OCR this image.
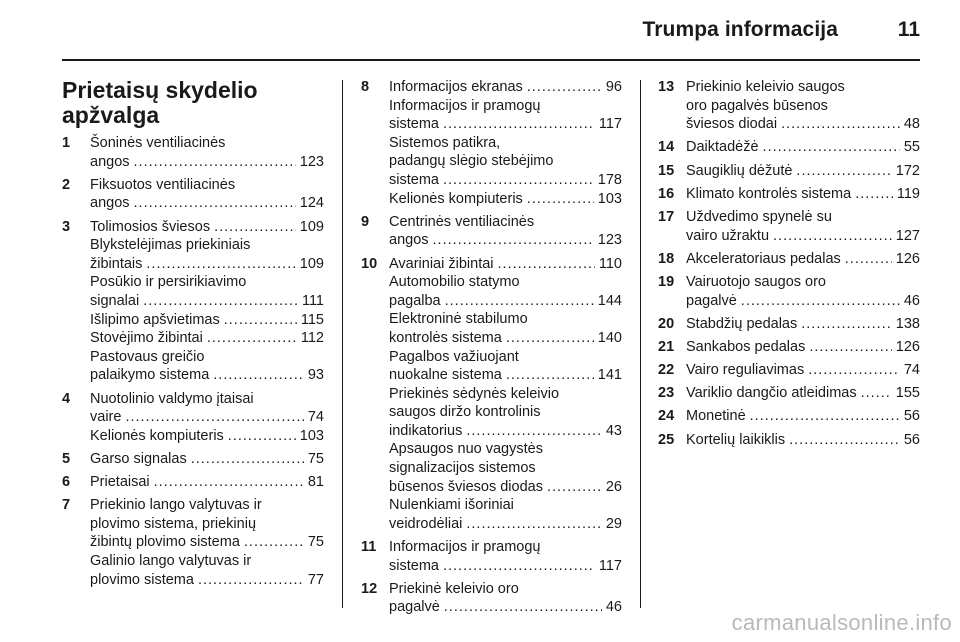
Trumpa informacija	11
Prietaisų skydelio
apžvalga
1 Šoninės ventiliacinės
angos .....	123
2 Fiksuotos ventiliacinės
angos .....	124
3 Tolimosios šviesos .....	109
Blykstelėjimas priekiniais
žibintais .....	109
Posūkio ir persirikiavimo
signalai .....	111
Išlipimo apšvietimas .....	115
Stovėjimo žibintai .....	112
Pastovaus greičio
palaikymo sistema .....	93
4 Nuotolinio valdymo įtaisai
vaire .....	74
Kelionės kompiuteris .....	103
5 Garso signalas .....	75
6 Prietaisai .....	81
7 Priekinio lango valytuvas ir
plovimo sistema, priekinių
žibintų plovimo sistema .....	75
Galinio lango valytuvas ir
plovimo sistema .....	77
8 Informacijos ekranas .....	96
Informacijos ir pramogų
sistema .....	117
Sistemos patikra,
padangų slėgio stebėjimo
sistema .....	178
Kelionės kompiuteris .....	103
9 Centrinės ventiliacinės
angos .....	123
10 Avariniai žibintai .....	110
Automobilio statymo
pagalba .....	144
Elektroninė stabilumo
kontrolės sistema .....	140
Pagalbos važiuojant
nuokalne sistema .....	141
Priekinės sėdynės keleivio
saugos diržo kontrolinis
indikatorius .....	43
Apsaugos nuo vagystės
signalizacijos sistemos
būsenos šviesos diodas .....	26
Nulenkiami išoriniai
veidrodėliai .....	29
11 Informacijos ir pramogų
sistema .....	117
12 Priekinė keleivio oro
pagalvė .....	46
13 Priekinio keleivio saugos
oro pagalvės būsenos
šviesos diodai .....	48
14 Daiktadėžė .....	55
15 Saugiklių dėžutė .....	172
16 Klimato kontrolės sistema .....	119
17 Uždvedimo spynelė su
vairo užraktu .....	127
18 Akceleratoriaus pedalas .....	126
19 Vairuotojo saugos oro
pagalvė .....	46
20 Stabdžių pedalas .....	138
21 Sankabos pedalas .....	126
22 Vairo reguliavimas .....	74
23 Variklio dangčio atleidimas .....	155
24 Monetinė .....	56
25 Kortelių laikiklis .....	56
carmanualsonline.info
